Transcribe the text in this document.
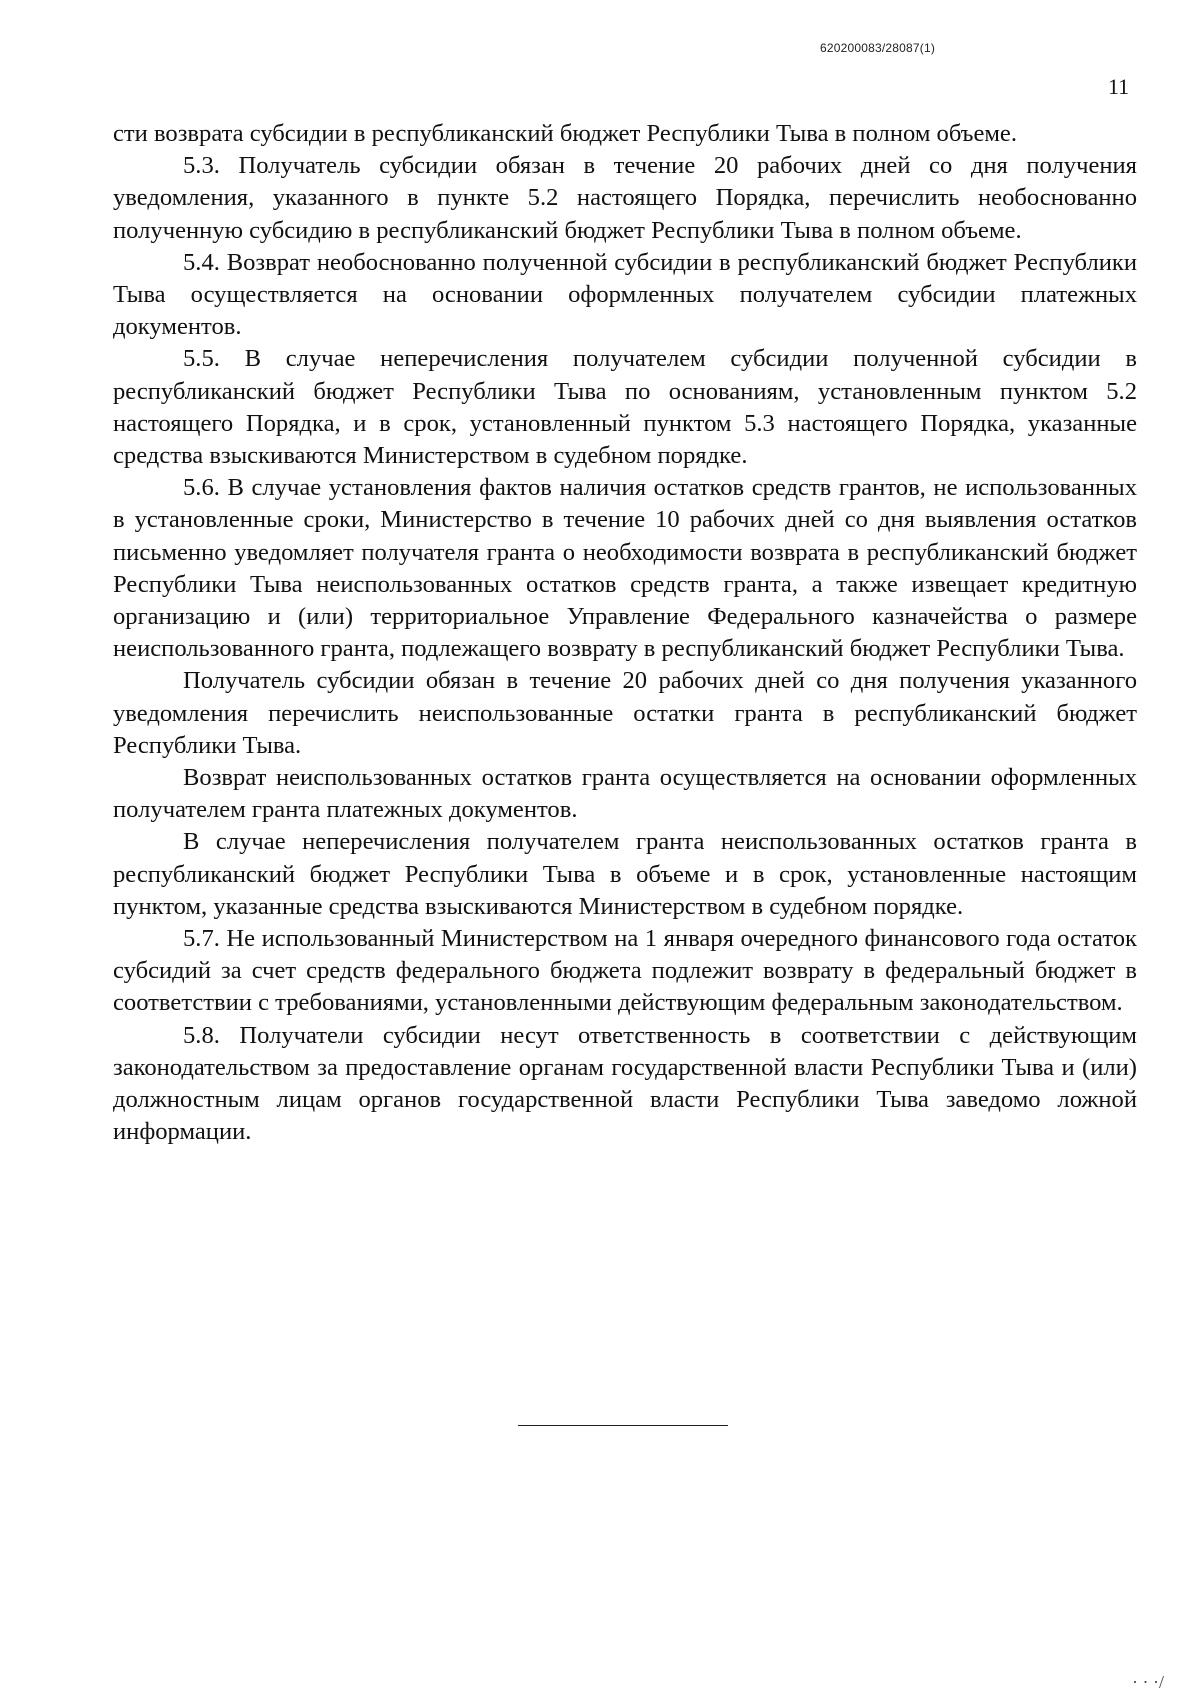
620200083/28087(1)
11

сти возврата субсидии в республиканский бюджет Республики Тыва в полном объеме.

5.3. Получатель субсидии обязан в течение 20 рабочих дней со дня получения уведомления, указанного в пункте 5.2 настоящего Порядка, перечислить необоснованно полученную субсидию в республиканский бюджет Республики Тыва в полном объеме.

5.4. Возврат необоснованно полученной субсидии в республиканский бюджет Республики Тыва осуществляется на основании оформленных получателем субсидии платежных документов.

5.5. В случае неперечисления получателем субсидии полученной субсидии в республиканский бюджет Республики Тыва по основаниям, установленным пунктом 5.2 настоящего Порядка, и в срок, установленный пунктом 5.3 настоящего Порядка, указанные средства взыскиваются Министерством в судебном порядке.

5.6. В случае установления фактов наличия остатков средств грантов, не использованных в установленные сроки, Министерство в течение 10 рабочих дней со дня выявления остатков письменно уведомляет получателя гранта о необходимости возврата в республиканский бюджет Республики Тыва неиспользованных остатков средств гранта, а также извещает кредитную организацию и (или) территориальное Управление Федерального казначейства о размере неиспользованного гранта, подлежащего возврату в республиканский бюджет Республики Тыва.

Получатель субсидии обязан в течение 20 рабочих дней со дня получения указанного уведомления перечислить неиспользованные остатки гранта в республиканский бюджет Республики Тыва.

Возврат неиспользованных остатков гранта осуществляется на основании оформленных получателем гранта платежных документов.

В случае неперечисления получателем гранта неиспользованных остатков гранта в республиканский бюджет Республики Тыва в объеме и в срок, установленные настоящим пунктом, указанные средства взыскиваются Министерством в судебном порядке.

5.7. Не использованный Министерством на 1 января очередного финансового года остаток субсидий за счет средств федерального бюджета подлежит возврату в федеральный бюджет в соответствии с требованиями, установленными действующим федеральным законодательством.

5.8. Получатели субсидии несут ответственность в соответствии с действующим законодательством за предоставление органам государственной власти Республики Тыва и (или) должностным лицам органов государственной власти Республики Тыва заведомо ложной информации.

· · ·/
